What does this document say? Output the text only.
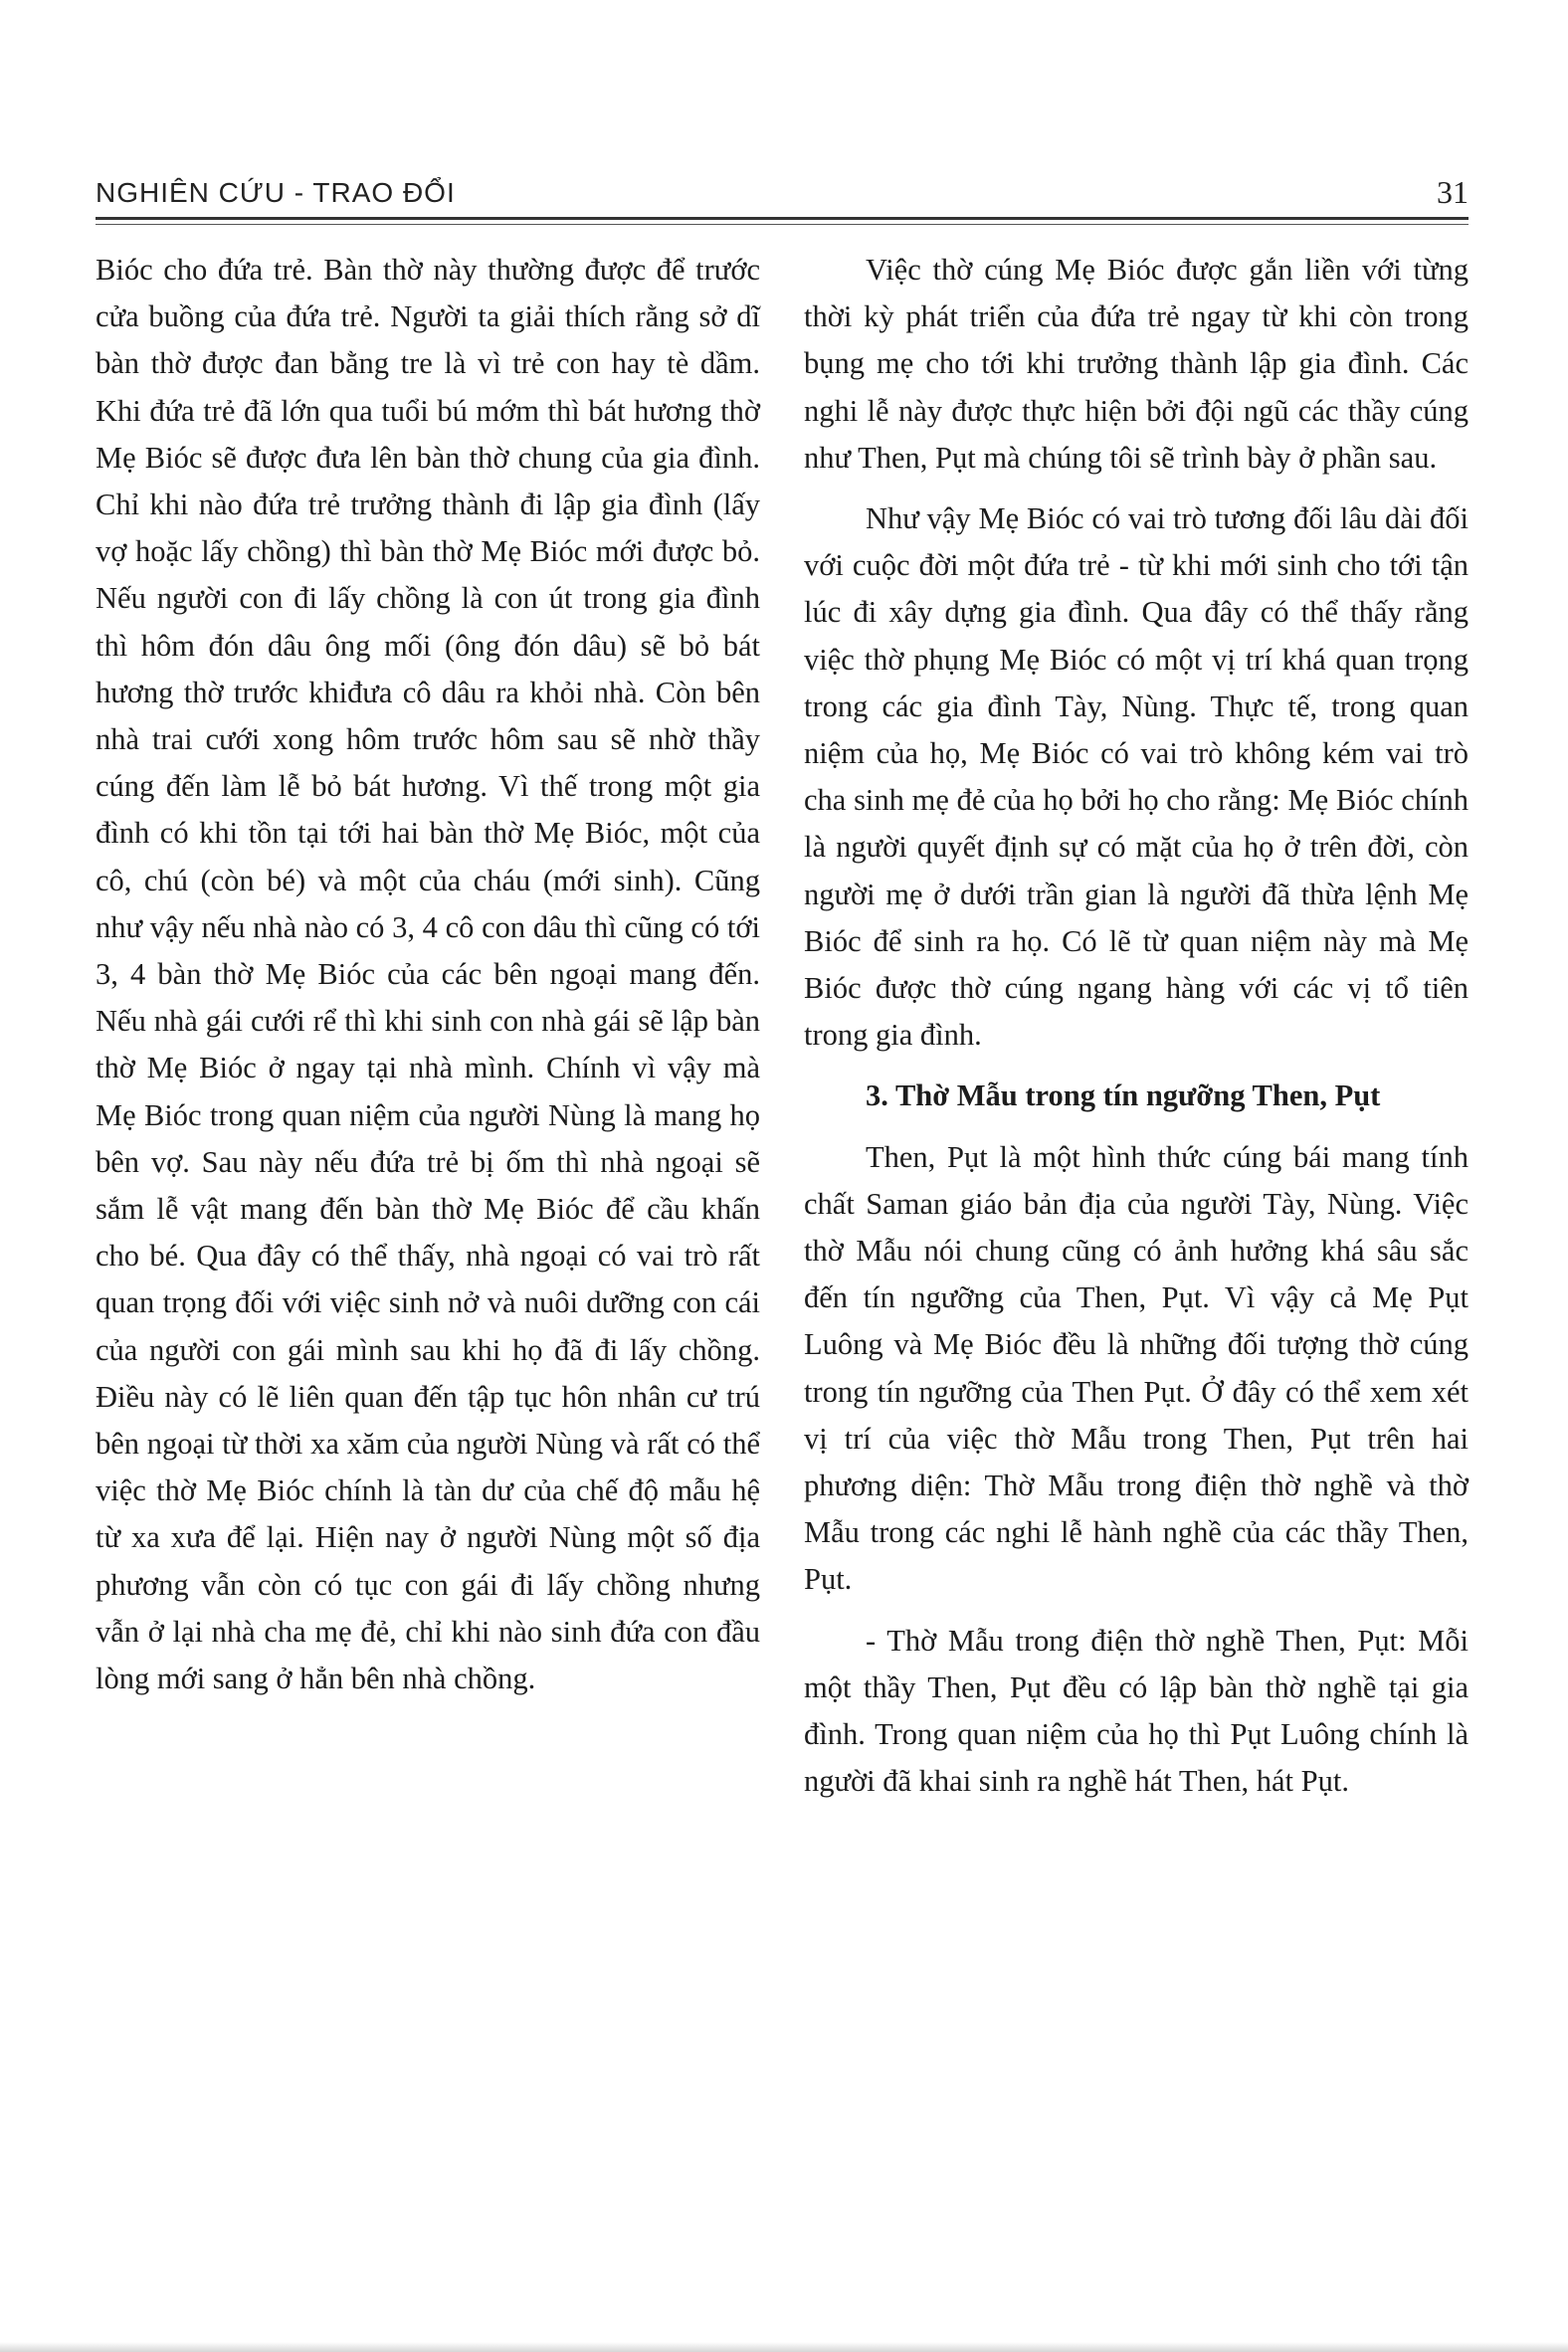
NGHIÊN CỨU - TRAO ĐỔI	31

Bióc cho đứa trẻ. Bàn thờ này thường được để trước cửa buồng của đứa trẻ. Người ta giải thích rằng sở dĩ bàn thờ được đan bằng tre là vì trẻ con hay tè dầm. Khi đứa trẻ đã lớn qua tuổi bú mớm thì bát hương thờ Mẹ Bióc sẽ được đưa lên bàn thờ chung của gia đình. Chỉ khi nào đứa trẻ trưởng thành đi lập gia đình (lấy vợ hoặc lấy chồng) thì bàn thờ Mẹ Bióc mới được bỏ. Nếu người con đi lấy chồng là con út trong gia đình thì hôm đón dâu ông mối (ông đón dâu) sẽ bỏ bát hương thờ trước khiđưa cô dâu ra khỏi nhà. Còn bên nhà trai cưới xong hôm trước hôm sau sẽ nhờ thầy cúng đến làm lễ bỏ bát hương. Vì thế trong một gia đình có khi tồn tại tới hai bàn thờ Mẹ Bióc, một của cô, chú (còn bé) và một của cháu (mới sinh). Cũng như vậy nếu nhà nào có 3, 4 cô con dâu thì cũng có tới 3, 4 bàn thờ Mẹ Bióc của các bên ngoại mang đến. Nếu nhà gái cưới rể thì khi sinh con nhà gái sẽ lập bàn thờ Mẹ Bióc ở ngay tại nhà mình. Chính vì vậy mà Mẹ Bióc trong quan niệm của người Nùng là mang họ bên vợ. Sau này nếu đứa trẻ bị ốm thì nhà ngoại sẽ sắm lễ vật mang đến bàn thờ Mẹ Bióc để cầu khấn cho bé. Qua đây có thể thấy, nhà ngoại có vai trò rất quan trọng đối với việc sinh nở và nuôi dưỡng con cái của người con gái mình sau khi họ đã đi lấy chồng. Điều này có lẽ liên quan đến tập tục hôn nhân cư trú bên ngoại từ thời xa xăm của người Nùng và rất có thể việc thờ Mẹ Bióc chính là tàn dư của chế độ mẫu hệ từ xa xưa để lại. Hiện nay ở người Nùng một số địa phương vẫn còn có tục con gái đi lấy chồng nhưng vẫn ở lại nhà cha mẹ đẻ, chỉ khi nào sinh đứa con đầu lòng mới sang ở hẳn bên nhà chồng.

Việc thờ cúng Mẹ Bióc được gắn liền với từng thời kỳ phát triển của đứa trẻ ngay từ khi còn trong bụng mẹ cho tới khi trưởng thành lập gia đình. Các nghi lễ này được thực hiện bởi đội ngũ các thầy cúng như Then, Pụt mà chúng tôi sẽ trình bày ở phần sau.

Như vậy Mẹ Bióc có vai trò tương đối lâu dài đối với cuộc đời một đứa trẻ - từ khi mới sinh cho tới tận lúc đi xây dựng gia đình. Qua đây có thể thấy rằng việc thờ phụng Mẹ Bióc có một vị trí khá quan trọng trong các gia đình Tày, Nùng. Thực tế, trong quan niệm của họ, Mẹ Bióc có vai trò không kém vai trò cha sinh mẹ đẻ của họ bởi họ cho rằng: Mẹ Bióc chính là người quyết định sự có mặt của họ ở trên đời, còn người mẹ ở dưới trần gian là người đã thừa lệnh Mẹ Bióc để sinh ra họ. Có lẽ từ quan niệm này mà Mẹ Bióc được thờ cúng ngang hàng với các vị tổ tiên trong gia đình.

3. Thờ Mẫu trong tín ngưỡng Then, Pụt

Then, Pụt là một hình thức cúng bái mang tính chất Saman giáo bản địa của người Tày, Nùng. Việc thờ Mẫu nói chung cũng có ảnh hưởng khá sâu sắc đến tín ngưỡng của Then, Pụt. Vì vậy cả Mẹ Pụt Luông và Mẹ Bióc đều là những đối tượng thờ cúng trong tín ngưỡng của Then Pụt. Ở đây có thể xem xét vị trí của việc thờ Mẫu trong Then, Pụt trên hai phương diện: Thờ Mẫu trong điện thờ nghề và thờ Mẫu trong các nghi lễ hành nghề của các thầy Then, Pụt.

- Thờ Mẫu trong điện thờ nghề Then, Pụt: Mỗi một thầy Then, Pụt đều có lập bàn thờ nghề tại gia đình. Trong quan niệm của họ thì Pụt Luông chính là người đã khai sinh ra nghề hát Then, hát Pụt.
